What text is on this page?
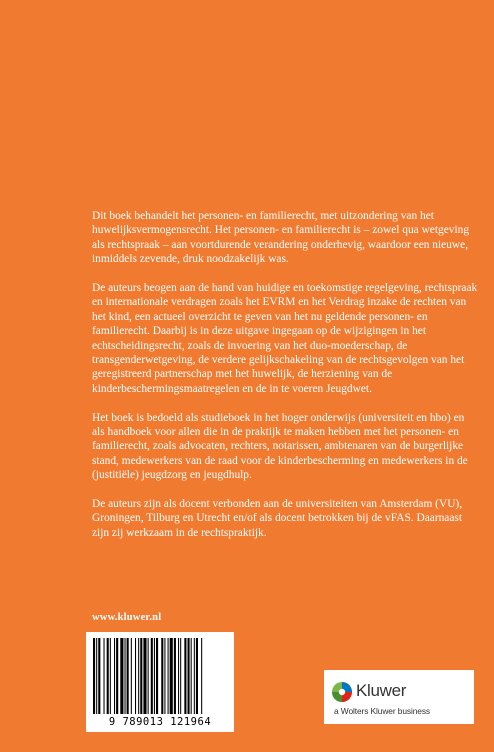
Dit boek behandelt het personen- en familierecht, met uitzondering van het huwelijksvermogensrecht. Het personen- en familierecht is – zowel qua wetgeving als rechtspraak – aan voortdurende verandering onderhevig, waardoor een nieuwe, inmiddels zevende, druk noodzakelijk was.

De auteurs beogen aan de hand van huidige en toekomstige regelgeving, rechtspraak en internationale verdragen zoals het EVRM en het Verdrag inzake de rechten van het kind, een actueel overzicht te geven van het nu geldende personen- en familierecht. Daarbij is in deze uitgave ingegaan op de wijzigingen in het echtscheidingsrecht, zoals de invoering van het duo-moederschap, de transgenderwetgeving, de verdere gelijkschakeling van de rechtsgevolgen van het geregistreerd partnerschap met het huwelijk, de herziening van de kinderbeschermingsmaatregelen en de in te voeren Jeugdwet.

Het boek is bedoeld als studieboek in het hoger onderwijs (universiteit en hbo) en als handboek voor allen die in de praktijk te maken hebben met het personen- en familierecht, zoals advocaten, rechters, notarissen, ambtenaren van de burgerlijke stand, medewerkers van de raad voor de kinderbescherming en medewerkers in de (justitiële) jeugdzorg en jeugdhulp.

De auteurs zijn als docent verbonden aan de universiteiten van Amsterdam (VU), Groningen, Tilburg en Utrecht en/of als docent betrokken bij de vFAS. Daarnaast zijn zij werkzaam in de rechtspraktijk.

www.kluwer.nl
9 789013 121964
Kluwer
a Wolters Kluwer business
